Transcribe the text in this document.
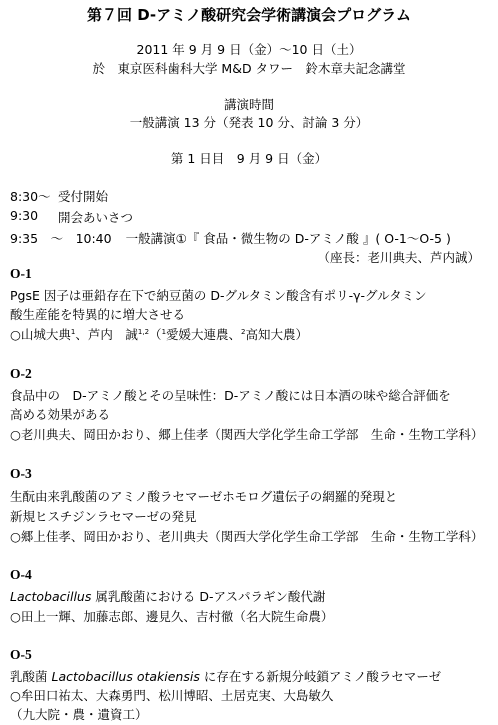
第７回 D-アミノ酸研究会学術講演会プログラム
2011 年 9 月 9 日（金）〜10 日（土）
於　東京医科歯科大学 M&D タワー　鈴木章夫記念講堂
講演時間
一般講演 13 分（発表 10 分、討論 3 分）
第 1 日目　9 月 9 日（金）
8:30〜 受付開始
9:30 開会あいさつ
9:35　〜　10:40 一般講演①『 食品・微生物の D-アミノ酸 』( O-1〜O-5 )
（座長：老川典夫、芦内誠）
O-1
PgsE 因子は亜鉛存在下で納豆菌の D-グルタミン酸含有ポリ-γ-グルタミン
酸生産能を特異的に増大させる
○山城大典$^1$、芦内　誠$^{1,2}$（$^1$愛媛大連農、$^2$高知大農）
O-2
食品中の　D-アミノ酸とその呈味性：D-アミノ酸には日本酒の味や総合評価を
高める効果がある
○老川典夫、岡田かおり、郷上佳孝（関西大学化学生命工学部　生命・生物工学科）
O-3
生酛由来乳酸菌のアミノ酸ラセマーゼホモログ遺伝子の網羅的発現と
新規ヒスチジンラセマーゼの発見
○郷上佳孝、岡田かおり、老川典夫（関西大学化学生命工学部　生命・生物工学科）
O-4
Lactobacillus 属乳酸菌における D-アスパラギン酸代謝
○田上一輝、加藤志郎、邊見久、吉村徹（名大院生命農）
O-5
乳酸菌 Lactobacillus otakiensis に存在する新規分岐鎖アミノ酸ラセマーゼ
○牟田口祐太、大森勇門、松川博昭、土居克実、大島敏久
（九大院・農・遺資工）
